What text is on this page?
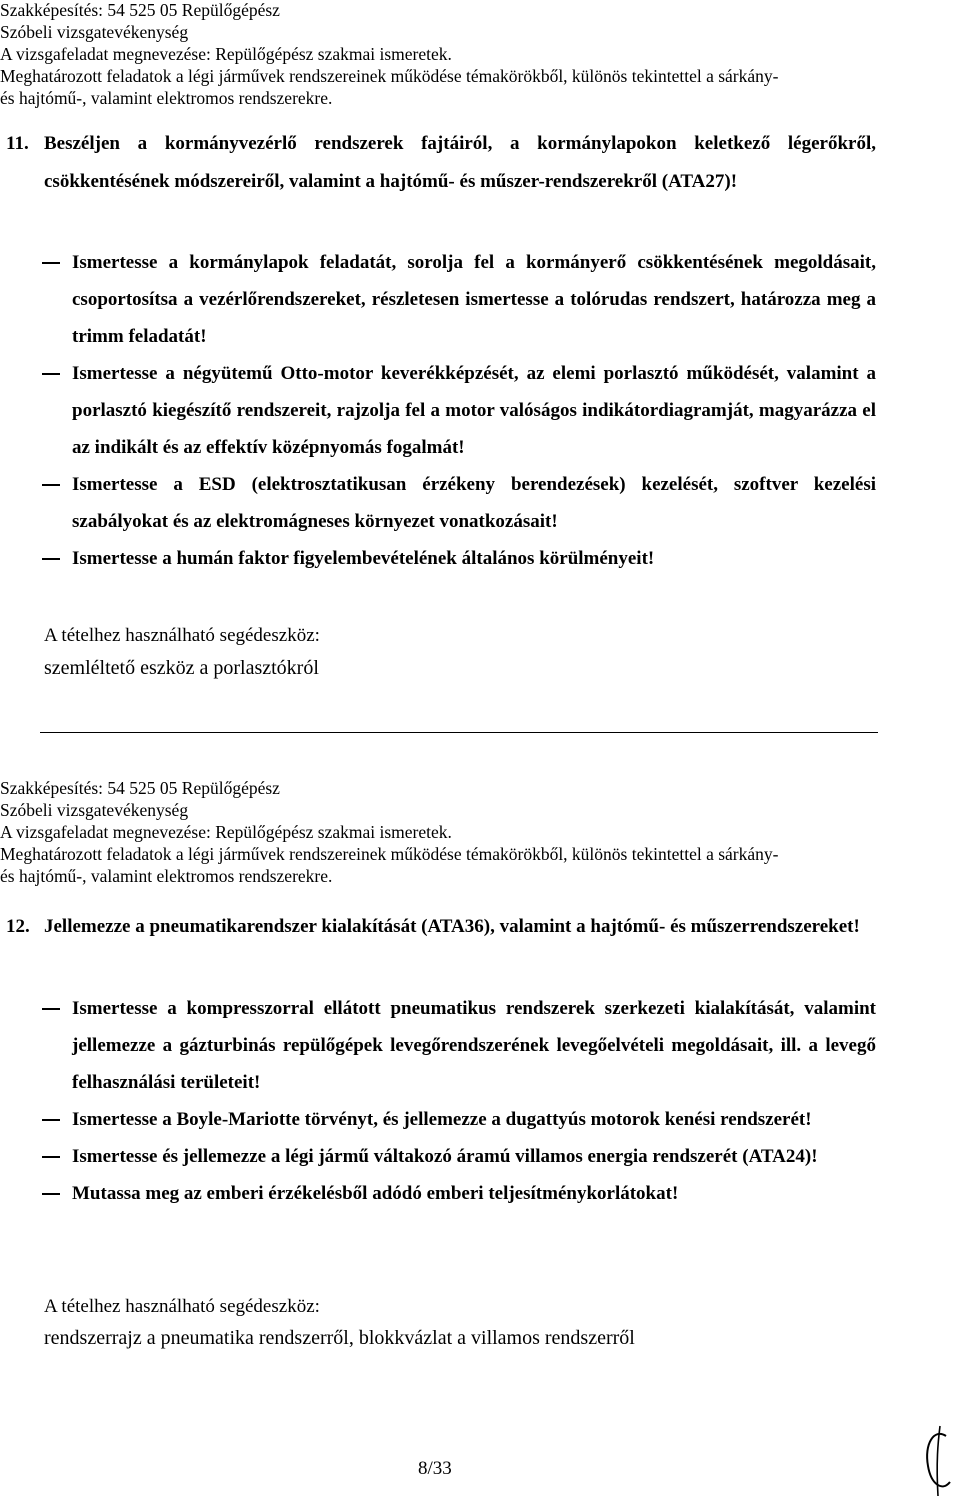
Szakképesítés: 54 525 05 Repülőgépész
Szóbeli vizsgatevékenység
A vizsgafeladat megnevezése: Repülőgépész szakmai ismeretek.
Meghatározott feladatok a légi járművek rendszereinek működése témakörökből, különös tekintettel a sárkány-
és hajtómű-, valamint elektromos rendszerekre.
11. Beszéljen a kormányvezérlő rendszerek fajtáiról, a kormánylapokon keletkező légerőkről, csökkentésének módszereiről, valamint a hajtómű- és műszer-rendszerekről (ATA27)!
Ismertesse a kormánylapok feladatát, sorolja fel a kormányerő csökkentésének megoldásait, csoportosítsa a vezérlőrendszereket, részletesen ismertesse a tolórudas rendszert, határozza meg a trimm feladatát!
Ismertesse a négyütemű Otto-motor keverékképzését, az elemi porlasztó működését, valamint a porlasztó kiegészítő rendszereit, rajzolja fel a motor valóságos indikátordiagramját, magyarázza el az indikált és az effektív középnyomás fogalmát!
Ismertesse a ESD (elektrosztatikusan érzékeny berendezések) kezelését, szoftver kezelési szabályokat és az elektromágneses környezet vonatkozásait!
Ismertesse a humán faktor figyelembevételének általános körülményeit!
A tételhez használható segédeszköz:
szemléltető eszköz a porlasztókról
Szakképesítés: 54 525 05 Repülőgépész
Szóbeli vizsgatevékenység
A vizsgafeladat megnevezése: Repülőgépész szakmai ismeretek.
Meghatározott feladatok a légi járművek rendszereinek működése témakörökből, különös tekintettel a sárkány-
és hajtómű-, valamint elektromos rendszerekre.
12. Jellemezze a pneumatikarendszer kialakítását (ATA36), valamint a hajtómű- és műszerrendszereket!
Ismertesse a kompresszorral ellátott pneumatikus rendszerek szerkezeti kialakítását, valamint jellemezze a gázturbinás repülőgépek levegőrendszerének levegőelvételi megoldásait, ill. a levegő felhasználási területeit!
Ismertesse a Boyle-Mariotte törvényt, és jellemezze a dugattyús motorok kenési rendszerét!
Ismertesse és jellemezze a légi jármű váltakozó áramú villamos energia rendszerét (ATA24)!
Mutassa meg az emberi érzékelésből adódó emberi teljesítménykorlátokat!
A tételhez használható segédeszköz:
rendszerrajz a pneumatika rendszerről, blokkvázlat a villamos rendszerről
8/33
